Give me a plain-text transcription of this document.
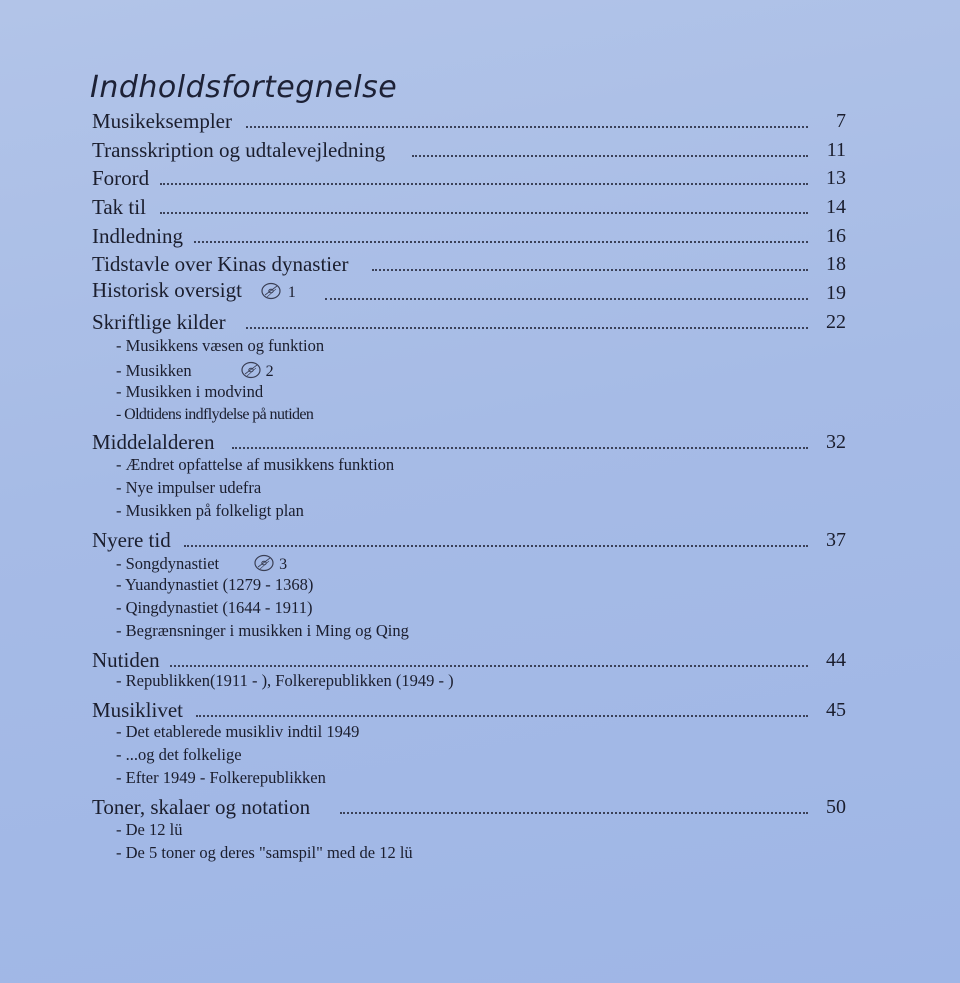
Indholdsfortegnelse
Musikeksempler	7
Transskription og udtalevejledning	11
Forord	13
Tak til	14
Indledning	16
Tidstavle over Kinas dynastier	18
Historisk oversigt	1	19
Skriftlige kilder	22
- Musikkens væsen og funktion
- Musikken	2
- Musikken i modvind
- Oldtidens indflydelse på nutiden
Middelalderen	32
- Ændret opfattelse af musikkens funktion
- Nye impulser udefra
- Musikken på folkeligt plan
Nyere tid	37
- Songdynastiet	3
- Yuandynastiet (1279 - 1368)
- Qingdynastiet (1644 - 1911)
- Begrænsninger i musikken i Ming og Qing
Nutiden	44
- Republikken(1911 - ), Folkerepublikken (1949 - )
Musiklivet	45
- Det etablerede musikliv indtil 1949
- ...og det folkelige
- Efter 1949 - Folkerepublikken
Toner, skalaer og notation	50
- De 12 lü
- De 5 toner og deres "samspil" med de 12 lü
